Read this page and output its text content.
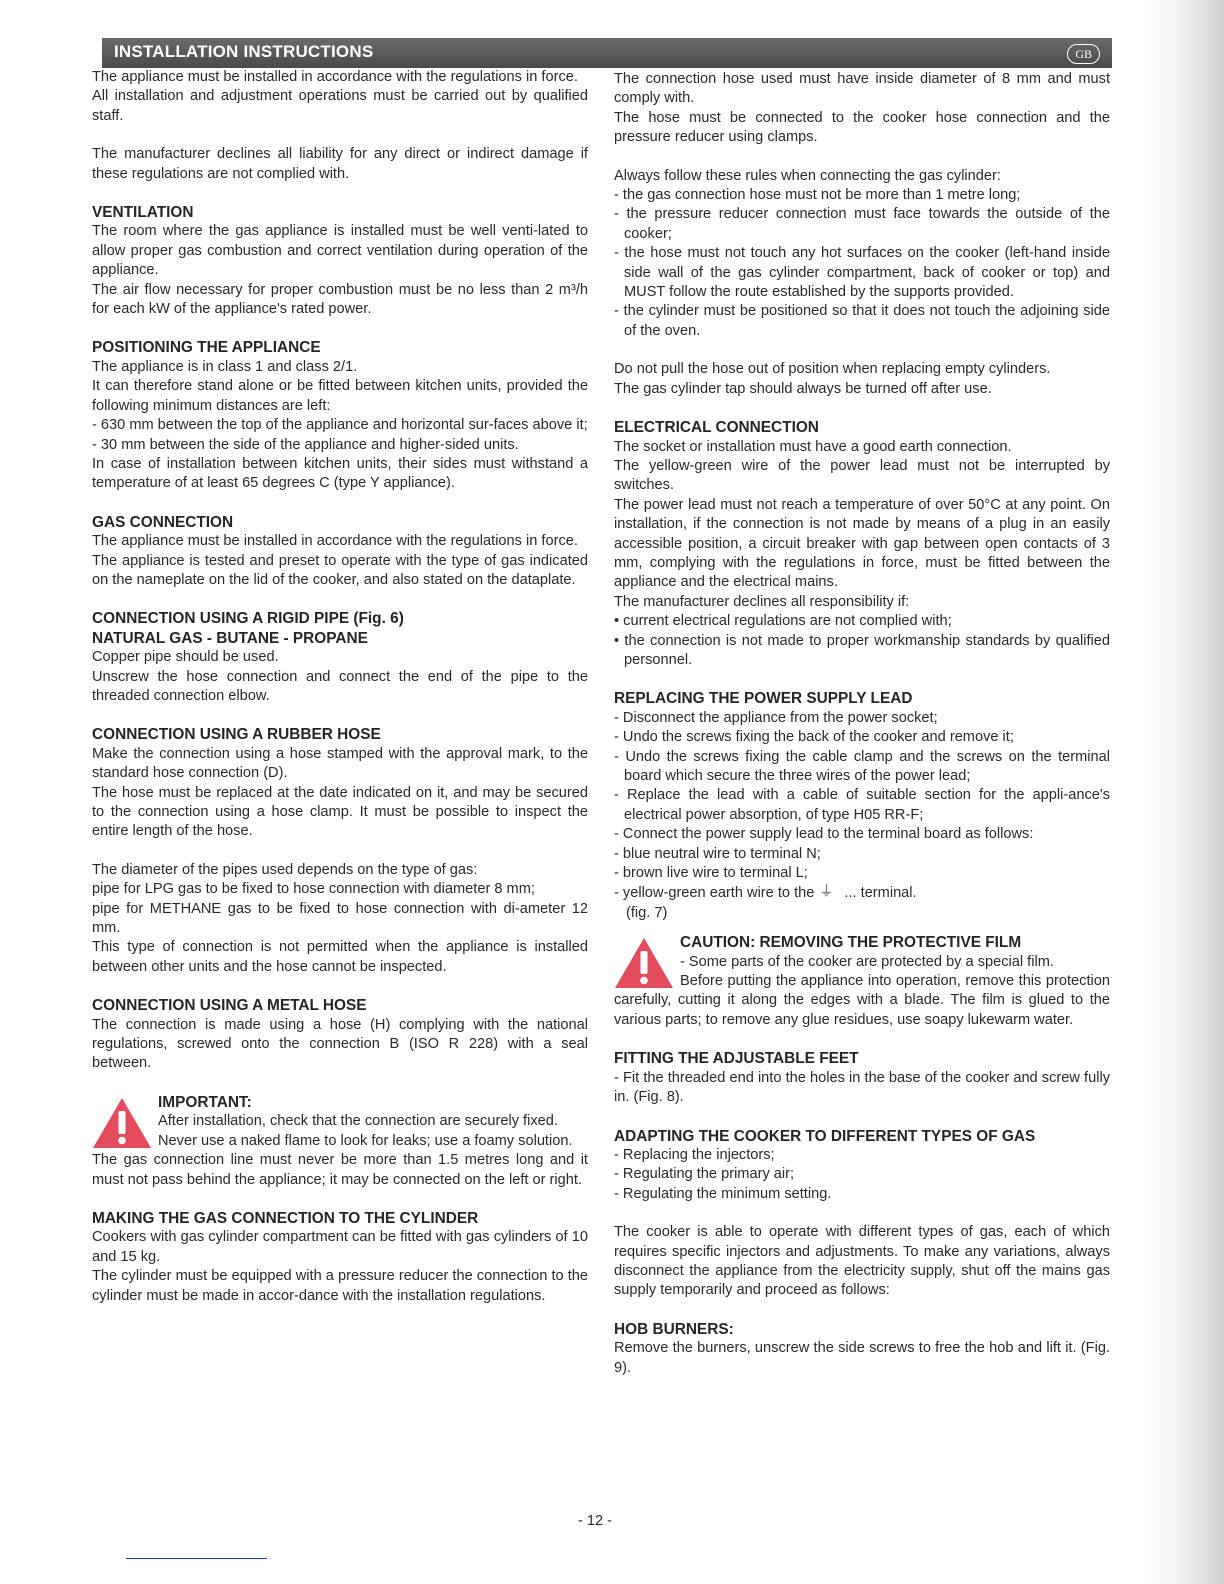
INSTALLATION INSTRUCTIONS	GB

The appliance must be installed in accordance with the regulations in force.

All installation and adjustment operations must be carried out by qualified staff.

The manufacturer declines all liability for any direct or indirect damage if these regulations are not complied with.

VENTILATION

The room where the gas appliance is installed must be well venti-lated to allow proper gas combustion and correct ventilation during operation of the appliance.

The air flow necessary for proper combustion must be no less than 2 m³/h for each kW of the appliance's rated power.

POSITIONING THE APPLIANCE

The appliance is in class 1 and class 2/1.

It can therefore stand alone or be fitted between kitchen units, provided the following minimum distances are left:

- 630 mm between the top of the appliance and horizontal sur-faces above it;

- 30 mm between the side of the appliance and higher-sided units.

In case of installation between kitchen units, their sides must withstand a temperature of at least 65 degrees C (type Y appliance).

GAS CONNECTION

The appliance must be installed in accordance with the regulations in force.

The appliance is tested and preset to operate with the type of gas indicated on the nameplate on the lid of the cooker, and also stated on the dataplate.

CONNECTION USING A RIGID PIPE (Fig. 6)
NATURAL GAS - BUTANE - PROPANE

Copper pipe should be used.

Unscrew the hose connection and connect the end of the pipe to the threaded connection elbow.

CONNECTION USING A RUBBER HOSE

Make the connection using a hose stamped with the approval mark, to the standard hose connection (D).

The hose must be replaced at the date indicated on it, and may be secured to the connection using a hose clamp. It must be possible to inspect the entire length of the hose.

The diameter of the pipes used depends on the type of gas:

pipe for LPG gas to be fixed to hose connection with diameter 8 mm;

pipe for METHANE gas to be fixed to hose connection with di-ameter 12 mm.

This type of connection is not permitted when the appliance is installed between other units and the hose cannot be inspected.

CONNECTION USING A METAL HOSE

The connection is made using a hose (H) complying with the national regulations, screwed onto the connection B (ISO R 228) with a seal between.

IMPORTANT:

After installation, check that the connection are securely fixed.

Never use a naked flame to look for leaks; use a foamy solution.

The gas connection line must never be more than 1.5 metres long and it must not pass behind the appliance; it may be connected on the left or right.

MAKING THE GAS CONNECTION TO THE CYLINDER

Cookers with gas cylinder compartment can be fitted with gas cylinders of 10 and 15 kg.

The cylinder must be equipped with a pressure reducer the connection to the cylinder must be made in accor-dance with the installation regulations.

The connection hose used must have inside diameter of 8 mm and must comply with.

The hose must be connected to the cooker hose connection and the pressure reducer using clamps.

Always follow these rules when connecting the gas cylinder:

- the gas connection hose must not be more than 1 metre long;

- the pressure reducer connection must face towards the outside of the cooker;

- the hose must not touch any hot surfaces on the cooker (left-hand inside side wall of the gas cylinder compartment, back of cooker or top) and MUST follow the route established by the supports provided.

- the cylinder must be positioned so that it does not touch the adjoining side of the oven.

Do not pull the hose out of position when replacing empty cylinders.

The gas cylinder tap should always be turned off after use.

ELECTRICAL CONNECTION

The socket or installation must have a good earth connection.

The yellow-green wire of the power lead must not be interrupted by switches.

The power lead must not reach a temperature of over 50°C at any point. On installation, if the connection is not made by means of a plug in an easily accessible position, a circuit breaker with gap between open contacts of 3 mm, complying with the regulations in force, must be fitted between the appliance and the electrical mains.

The manufacturer declines all responsibility if:

• current electrical regulations are not complied with;

• the connection is not made to proper workmanship standards by qualified personnel.

REPLACING THE POWER SUPPLY LEAD

- Disconnect the appliance from the power socket;

- Undo the screws fixing the back of the cooker and remove it;

- Undo the screws fixing the cable clamp and the screws on the terminal board which secure the three wires of the power lead;

- Replace the lead with a cable of suitable section for the appli-ance's electrical power absorption, of type H05 RR-F;

- Connect the power supply lead to the terminal board as follows:

- blue neutral wire to terminal N;

- brown live wire to terminal L;

- yellow-green earth wire to the ⏚ ... terminal.

(fig. 7)

CAUTION: REMOVING THE PROTECTIVE FILM

- Some parts of the cooker are protected by a special film.

Before putting the appliance into operation, remove this protection carefully, cutting it along the edges with a blade. The film is glued to the various parts; to remove any glue residues, use soapy lukewarm water.

FITTING THE ADJUSTABLE FEET

- Fit the threaded end into the holes in the base of the cooker and screw fully in. (Fig. 8).

ADAPTING THE COOKER TO DIFFERENT TYPES OF GAS

- Replacing the injectors;

- Regulating the primary air;

- Regulating the minimum setting.

The cooker is able to operate with different types of gas, each of which requires specific injectors and adjustments. To make any variations, always disconnect the appliance from the electricity supply, shut off the mains gas supply temporarily and proceed as follows:

HOB BURNERS:

Remove the burners, unscrew the side screws to free the hob and lift it. (Fig. 9).

- 12 -
